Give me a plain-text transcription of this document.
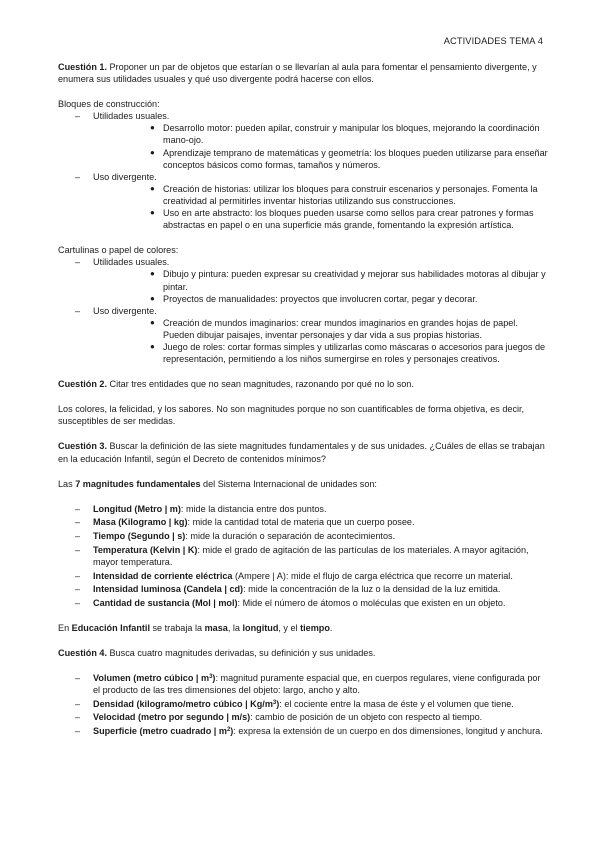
ACTIVIDADES TEMA 4

Cuestión 1. Proponer un par de objetos que estarían o se llevarían al aula para fomentar el pensamiento divergente, y enumera sus utilidades usuales y qué uso divergente podrá hacerse con ellos.

Bloques de construcción:

– Utilidades usuales.
● Desarrollo motor: pueden apilar, construir y manipular los bloques, mejorando la coordinación mano-ojo.
● Aprendizaje temprano de matemáticas y geometría: los bloques pueden utilizarse para enseñar conceptos básicos como formas, tamaños y números.
– Uso divergente.
● Creación de historias: utilizar los bloques para construir escenarios y personajes. Fomenta la creatividad al permitirles inventar historias utilizando sus construcciones.
● Uso en arte abstracto: los bloques pueden usarse como sellos para crear patrones y formas abstractas en papel o en una superficie más grande, fomentando la expresión artística.

Cartulinas o papel de colores:

– Utilidades usuales.
● Dibujo y pintura: pueden expresar su creatividad y mejorar sus habilidades motoras al dibujar y pintar.
● Proyectos de manualidades: proyectos que involucren cortar, pegar y decorar.
– Uso divergente.
● Creación de mundos imaginarios: crear mundos imaginarios en grandes hojas de papel. Pueden dibujar paisajes, inventar personajes y dar vida a sus propias historias.
● Juego de roles: cortar formas simples y utilizarlas como máscaras o accesorios para juegos de representación, permitiendo a los niños sumergirse en roles y personajes creativos.

Cuestión 2. Citar tres entidades que no sean magnitudes, razonando por qué no lo son.

Los colores, la felicidad, y los sabores. No son magnitudes porque no son cuantificables de forma objetiva, es decir, susceptibles de ser medidas.

Cuestión 3. Buscar la definición de las siete magnitudes fundamentales y de sus unidades. ¿Cuáles de ellas se trabajan en la educación Infantil, según el Decreto de contenidos mínimos?

Las 7 magnitudes fundamentales del Sistema Internacional de unidades son:

– Longitud (Metro | m): mide la distancia entre dos puntos.
– Masa (Kilogramo | kg): mide la cantidad total de materia que un cuerpo posee.
– Tiempo (Segundo | s): mide la duración o separación de acontecimientos.
– Temperatura (Kelvin | K): mide el grado de agitación de las partículas de los materiales. A mayor agitación, mayor temperatura.
– Intensidad de corriente eléctrica (Ampere | A): mide el flujo de carga eléctrica que recorre un material.
– Intensidad luminosa (Candela | cd): mide la concentración de la luz o la densidad de la luz emitida.
– Cantidad de sustancia (Mol | mol): Mide el número de átomos o moléculas que existen en un objeto.

En Educación Infantil se trabaja la masa, la longitud, y el tiempo.

Cuestión 4. Busca cuatro magnitudes derivadas, su definición y sus unidades.

– Volumen (metro cúbico | $m^3$): magnitud puramente espacial que, en cuerpos regulares, viene configurada por el producto de las tres dimensiones del objeto: largo, ancho y alto.
– Densidad (kilogramo/metro cúbico | $Kg/m^3$): el cociente entre la masa de éste y el volumen que tiene.
– Velocidad (metro por segundo | m/s): cambio de posición de un objeto con respecto al tiempo.
– Superficie (metro cuadrado | $m^2$): expresa la extensión de un cuerpo en dos dimensiones, longitud y anchura.
